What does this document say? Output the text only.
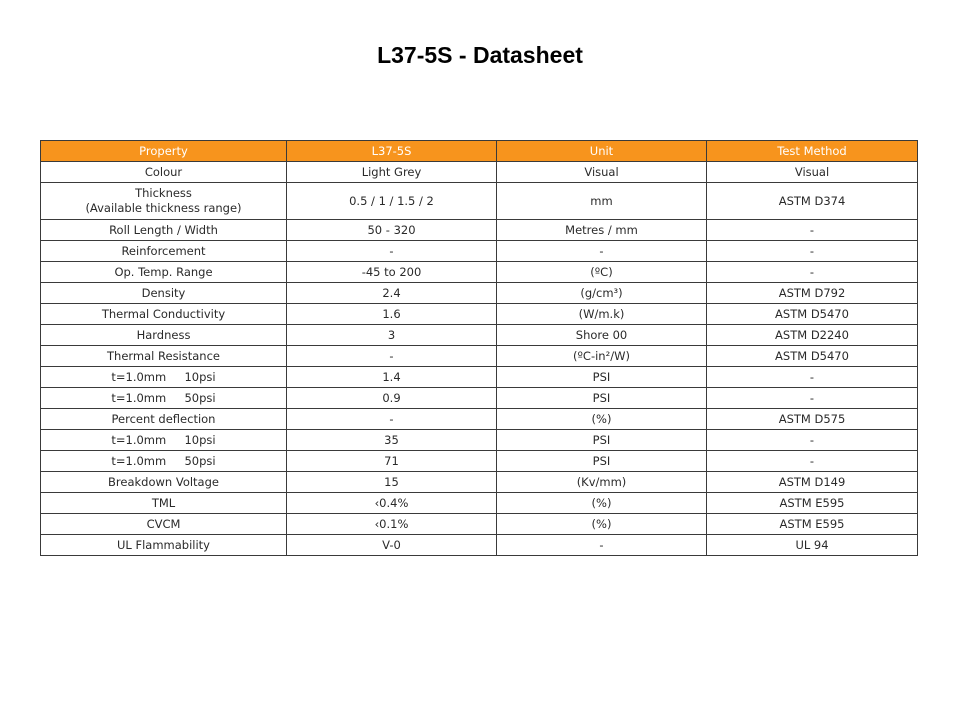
L37-5S - Datasheet
Property	L37-5S	Unit	Test Method
Colour	Light Grey	Visual	Visual

Thickness
(Available thickness range)	0.5 / 1 / 1.5 / 2	mm	ASTM D374
Roll Length / Width	50 - 320	Metres / mm	-
Reinforcement	-	-	-
Op. Temp. Range	-45 to 200	(ºC)	-
Density	2.4	(g/cm³)	ASTM D792
Thermal Conductivity	1.6	(W/m.k)	ASTM D5470
Hardness	3	Shore 00	ASTM D2240
Thermal Resistance	-	(ºC-in²/W)	ASTM D5470
t=1.0mm     10psi	1.4	PSI	-
t=1.0mm     50psi	0.9	PSI	-
Percent deflection	-	(%)	ASTM D575
t=1.0mm     10psi	35	PSI	-
t=1.0mm     50psi	71	PSI	-
Breakdown Voltage	15	(Kv/mm)	ASTM D149
TML	‹0.4%	(%)	ASTM E595
CVCM	‹0.1%	(%)	ASTM E595
UL Flammability	V-0	-	UL 94
